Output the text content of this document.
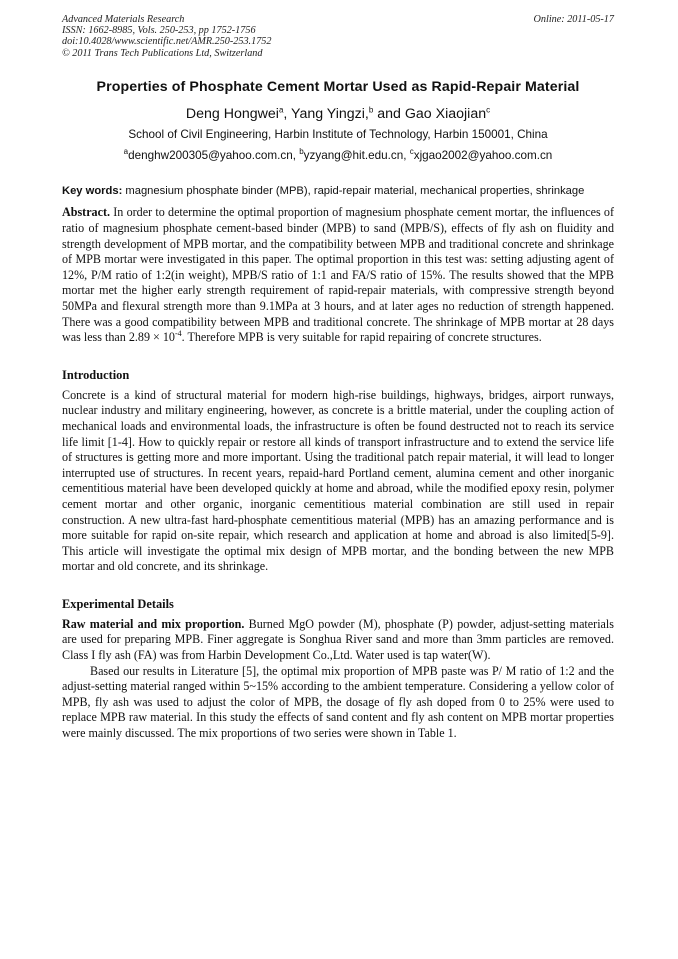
Advanced Materials Research
ISSN: 1662-8985, Vols. 250-253, pp 1752-1756
doi:10.4028/www.scientific.net/AMR.250-253.1752
© 2011 Trans Tech Publications Ltd, Switzerland
Online: 2011-05-17
Properties of Phosphate Cement Mortar Used as Rapid-Repair Material
Deng Hongwei$^a$, Yang Yingzi,$^b$ and Gao Xiaojian$^c$
School of Civil Engineering, Harbin Institute of Technology, Harbin 150001, China
$^a$denghw200305@yahoo.com.cn, $^b$yzyang@hit.edu.cn, $^c$xjgao2002@yahoo.com.cn
Key words: magnesium phosphate binder (MPB), rapid-repair material, mechanical properties, shrinkage
Abstract. In order to determine the optimal proportion of magnesium phosphate cement mortar, the influences of ratio of magnesium phosphate cement-based binder (MPB) to sand (MPB/S), effects of fly ash on fluidity and strength development of MPB mortar, and the compatibility between MPB and traditional concrete and shrinkage of MPB mortar were investigated in this paper. The optimal proportion in this test was: setting adjusting agent of 12%, P/M ratio of 1:2(in weight), MPB/S ratio of 1:1 and FA/S ratio of 15%. The results showed that the MPB mortar met the higher early strength requirement of rapid-repair materials, with compressive strength beyond 50MPa and flexural strength more than 9.1MPa at 3 hours, and at later ages no reduction of strength happened. There was a good compatibility between MPB and traditional concrete. The shrinkage of MPB mortar at 28 days was less than $2.89 \times 10^{-4}$. Therefore MPB is very suitable for rapid repairing of concrete structures.
Introduction

Concrete is a kind of structural material for modern high-rise buildings, highways, bridges, airport runways, nuclear industry and military engineering, however, as concrete is a brittle material, under the coupling action of mechanical loads and environmental loads, the infrastructure is often be found destructed not to reach its service life limit [1-4]. How to quickly repair or restore all kinds of transport infrastructure and to extend the service life of structures is getting more and more important. Using the traditional patch repair material, it will lead to longer interrupted use of structures. In recent years, repaid-hard Portland cement, alumina cement and other inorganic cementitious material have been developed quickly at home and abroad, while the modified epoxy resin, polymer cement mortar and other organic, inorganic cementitious material combination are still used in repair construction. A new ultra-fast hard-phosphate cementitious material (MPB) has an amazing performance and is more suitable for rapid on-site repair, which research and application at home and abroad is also limited[5-9]. This article will investigate the optimal mix design of MPB mortar, and the bonding between the new MPB mortar and old concrete, and its shrinkage.

Experimental Details

Raw material and mix proportion. Burned MgO powder (M), phosphate (P) powder, adjust-setting materials are used for preparing MPB. Finer aggregate is Songhua River sand and more than 3mm particles are removed. Class I fly ash (FA) was from Harbin Development Co.,Ltd. Water used is tap water(W).

Based our results in Literature [5], the optimal mix proportion of MPB paste was P/ M ratio of 1:2 and the adjust-setting material ranged within 5~15% according to the ambient temperature. Considering a yellow color of MPB, fly ash was used to adjust the color of MPB, the dosage of fly ash doped from 0 to 25% were used to replace MPB raw material. In this study the effects of sand content and fly ash content on MPB mortar properties were mainly discussed. The mix proportions of two series were shown in Table 1.
